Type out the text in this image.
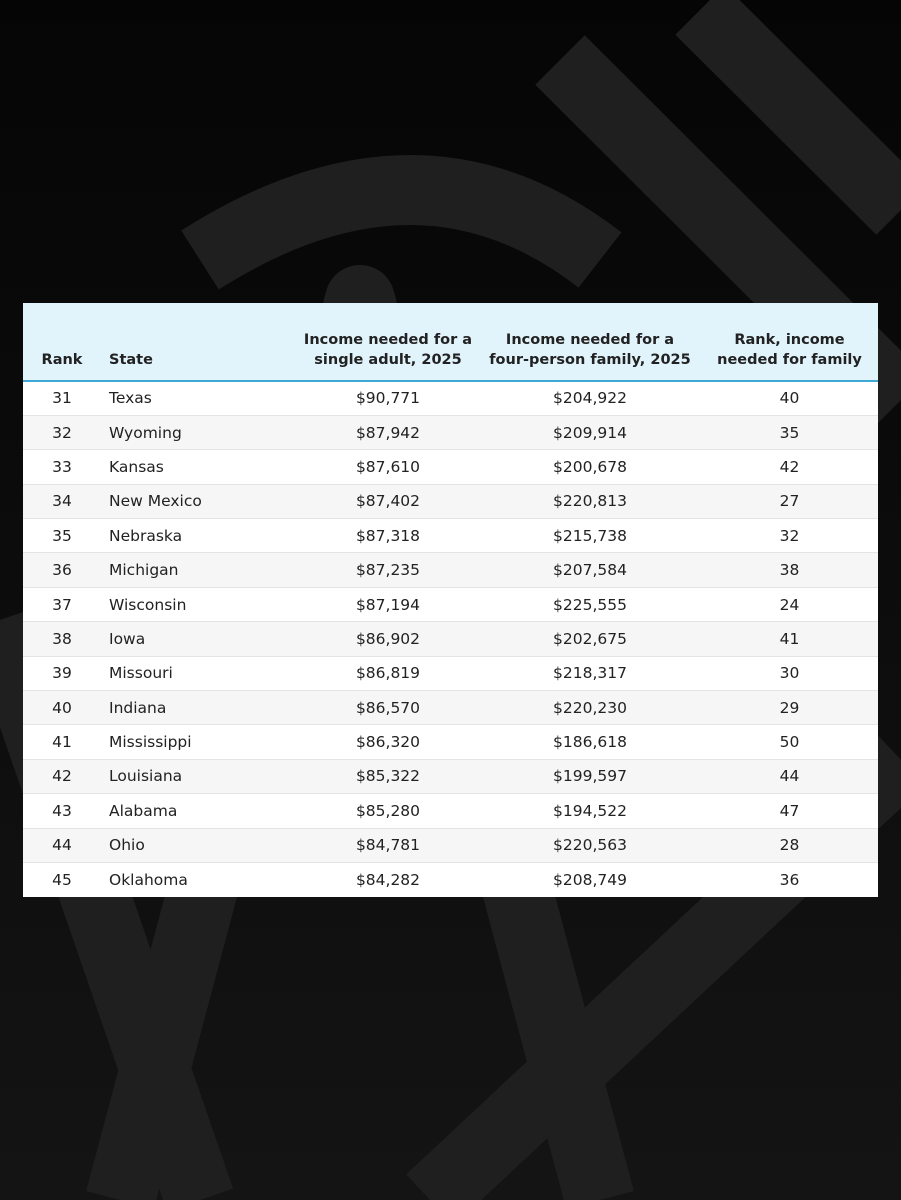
Rank	State	Income needed for a single adult, 2025	Income needed for a four-person family, 2025	Rank, income needed for family
31	Texas	$90,771	$204,922	40
32	Wyoming	$87,942	$209,914	35
33	Kansas	$87,610	$200,678	42
34	New Mexico	$87,402	$220,813	27
35	Nebraska	$87,318	$215,738	32
36	Michigan	$87,235	$207,584	38
37	Wisconsin	$87,194	$225,555	24
38	Iowa	$86,902	$202,675	41
39	Missouri	$86,819	$218,317	30
40	Indiana	$86,570	$220,230	29
41	Mississippi	$86,320	$186,618	50
42	Louisiana	$85,322	$199,597	44
43	Alabama	$85,280	$194,522	47
44	Ohio	$84,781	$220,563	28
45	Oklahoma	$84,282	$208,749	36
